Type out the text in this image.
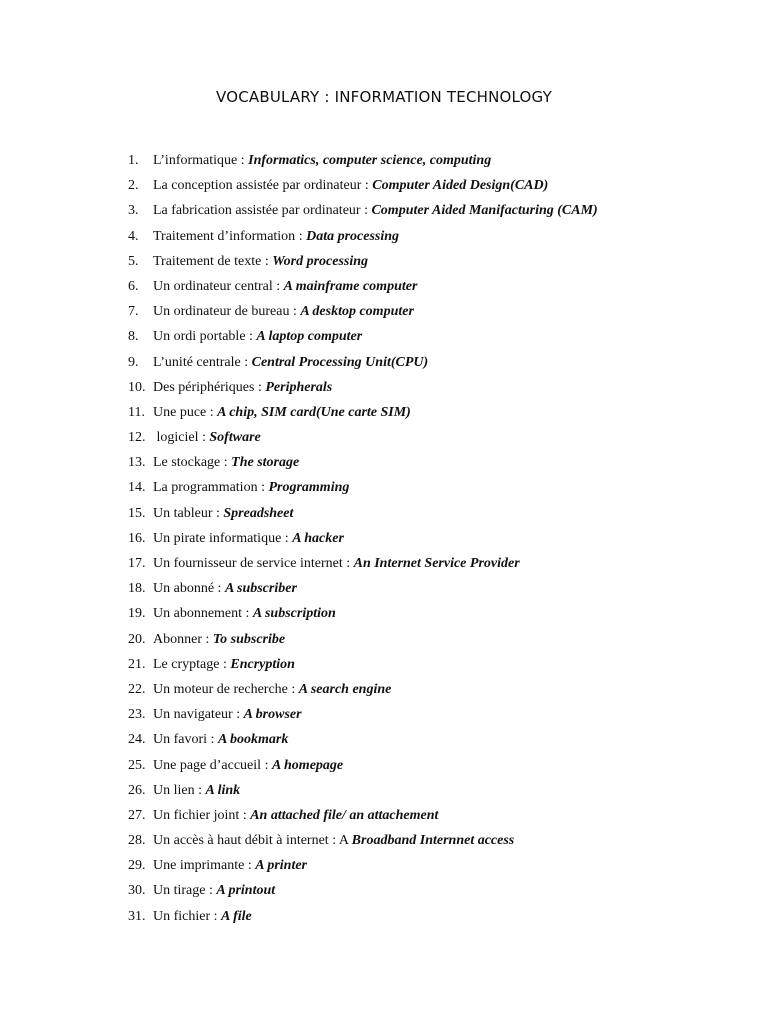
VOCABULARY : INFORMATION TECHNOLOGY
1. L’informatique : Informatics, computer science, computing
2. La conception assistée par ordinateur : Computer Aided Design(CAD)
3. La fabrication assistée par ordinateur : Computer Aided Manifacturing (CAM)
4. Traitement d’information : Data processing
5. Traitement de texte : Word processing
6. Un ordinateur central : A mainframe computer
7. Un ordinateur de bureau : A desktop computer
8. Un ordi portable : A laptop computer
9. L’unité centrale : Central Processing Unit(CPU)
10. Des périphériques : Peripherals
11. Une puce : A chip, SIM card(Une carte SIM)
12. logiciel : Software
13. Le stockage : The storage
14. La programmation : Programming
15. Un tableur : Spreadsheet
16. Un pirate informatique : A hacker
17. Un fournisseur de service internet : An Internet Service Provider
18. Un abonné : A subscriber
19. Un abonnement : A subscription
20. Abonner : To subscribe
21. Le cryptage : Encryption
22. Un moteur de recherche : A search engine
23. Un navigateur : A browser
24. Un favori : A bookmark
25. Une page d’accueil : A homepage
26. Un lien : A link
27. Un fichier joint : An attached file/ an attachement
28. Un accès à haut débit à internet : A Broadband Internnet access
29. Une imprimante : A printer
30. Un tirage : A printout
31. Un fichier : A file
